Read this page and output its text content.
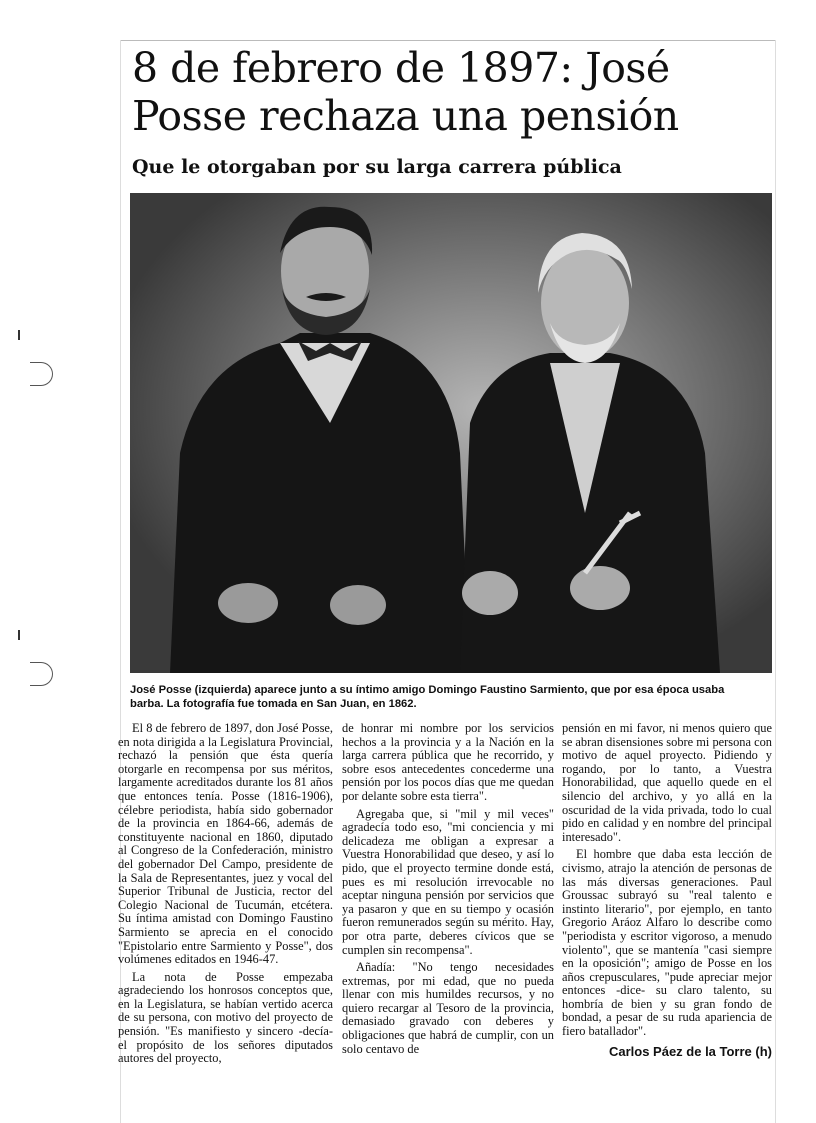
8 de febrero de 1897: José Posse rechaza una pensión
Que le otorgaban por su larga carrera pública

José Posse (izquierda) aparece junto a su íntimo amigo Domingo Faustino Sarmiento, que por esa época usaba barba. La fotografía fue tomada en San Juan, en 1862.

El 8 de febrero de 1897, don José Posse, en nota dirigida a la Legislatura Provincial, rechazó la pensión que ésta quería otorgarle en recompensa por sus méritos, largamente acreditados durante los 81 años que entonces tenía. Posse (1816-1906), célebre periodista, había sido gobernador de la provincia en 1864-66, además de constituyente nacional en 1860, diputado al Congreso de la Confederación, ministro del gobernador Del Campo, presidente de la Sala de Representantes, juez y vocal del Superior Tribunal de Justicia, rector del Colegio Nacional de Tucumán, etcétera. Su íntima amistad con Domingo Faustino Sarmiento se aprecia en el conocido "Epistolario entre Sarmiento y Posse", dos volúmenes editados en 1946-47.

La nota de Posse empezaba agradeciendo los honrosos conceptos que, en la Legislatura, se habían vertido acerca de su persona, con motivo del proyecto de pensión. "Es manifiesto y sincero -decía- el propósito de los señores diputados autores del proyecto,

de honrar mi nombre por los servicios hechos a la provincia y a la Nación en la larga carrera pública que he recorrido, y sobre esos antecedentes concederme una pensión por los pocos días que me quedan por delante sobre esta tierra".

Agregaba que, si "mil y mil veces" agradecía todo eso, "mi conciencia y mi delicadeza me obligan a expresar a Vuestra Honorabilidad que deseo, y así lo pido, que el proyecto termine donde está, pues es mi resolución irrevocable no aceptar ninguna pensión por servicios que ya pasaron y que en su tiempo y ocasión fueron remunerados según su mérito. Hay, por otra parte, deberes cívicos que se cumplen sin recompensa".

Añadía: "No tengo necesidades extremas, por mi edad, que no pueda llenar con mis humildes recursos, y no quiero recargar al Tesoro de la provincia, demasiado gravado con deberes y obligaciones que habrá de cumplir, con un solo centavo de

pensión en mi favor, ni menos quiero que se abran disensiones sobre mi persona con motivo de aquel proyecto. Pidiendo y rogando, por lo tanto, a Vuestra Honorabilidad, que aquello quede en el silencio del archivo, y yo allá en la oscuridad de la vida privada, todo lo cual pido en calidad y en nombre del principal interesado".

El hombre que daba esta lección de civismo, atrajo la atención de personas de las más diversas generaciones. Paul Groussac subrayó su "real talento e instinto literario", por ejemplo, en tanto Gregorio Aráoz Alfaro lo describe como "periodista y escritor vigoroso, a menudo violento", que se mantenía "casi siempre en la oposición"; amigo de Posse en los años crepusculares, "pude apreciar mejor entonces -dice- su claro talento, su hombría de bien y su gran fondo de bondad, a pesar de su ruda apariencia de fiero batallador".

Carlos Páez de la Torre (h)
